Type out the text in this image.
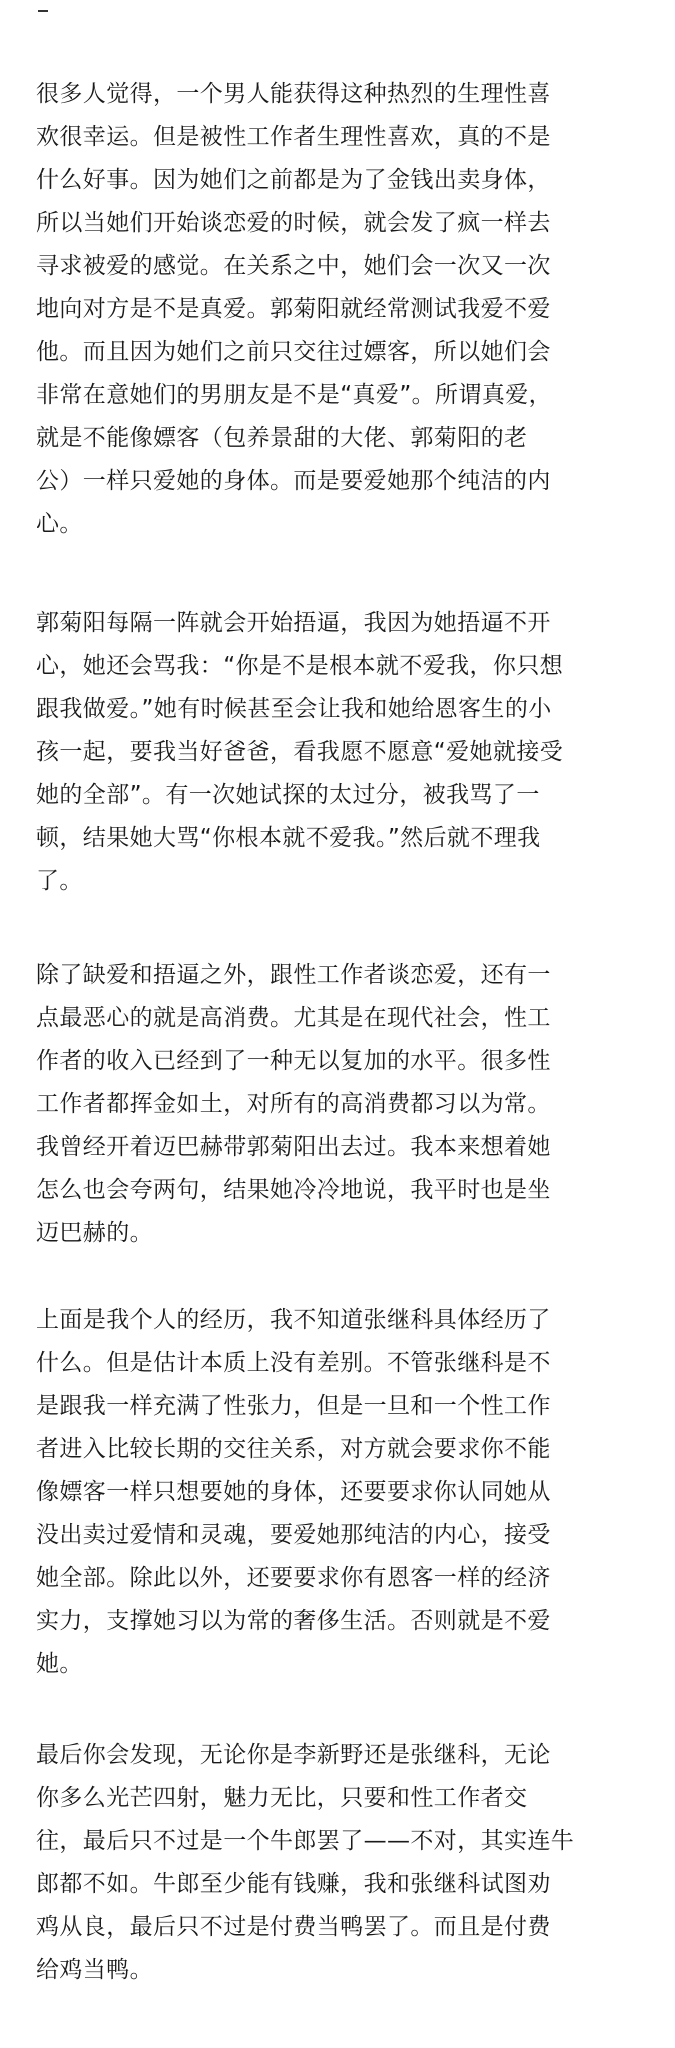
很多人觉得，一个男人能获得这种热烈的生理性喜
欢很幸运。但是被性工作者生理性喜欢，真的不是
什么好事。因为她们之前都是为了金钱出卖身体，
所以当她们开始谈恋爱的时候，就会发了疯一样去
寻求被爱的感觉。在关系之中，她们会一次又一次
地向对方是不是真爱。郭菊阳就经常测试我爱不爱
他。而且因为她们之前只交往过嫖客，所以她们会
非常在意她们的男朋友是不是“真爱”。所谓真爱，
就是不能像嫖客（包养景甜的大佬、郭菊阳的老
公）一样只爱她的身体。而是要爱她那个纯洁的内
心。

郭菊阳每隔一阵就会开始捂逼，我因为她捂逼不开
心，她还会骂我：“你是不是根本就不爱我，你只想
跟我做爱。”她有时候甚至会让我和她给恩客生的小
孩一起，要我当好爸爸，看我愿不愿意“爱她就接受
她的全部”。有一次她试探的太过分，被我骂了一
顿，结果她大骂“你根本就不爱我。”然后就不理我
了。

除了缺爱和捂逼之外，跟性工作者谈恋爱，还有一
点最恶心的就是高消费。尤其是在现代社会，性工
作者的收入已经到了一种无以复加的水平。很多性
工作者都挥金如土，对所有的高消费都习以为常。
我曾经开着迈巴赫带郭菊阳出去过。我本来想着她
怎么也会夸两句，结果她冷冷地说，我平时也是坐
迈巴赫的。

上面是我个人的经历，我不知道张继科具体经历了
什么。但是估计本质上没有差别。不管张继科是不
是跟我一样充满了性张力，但是一旦和一个性工作
者进入比较长期的交往关系，对方就会要求你不能
像嫖客一样只想要她的身体，还要要求你认同她从
没出卖过爱情和灵魂，要爱她那纯洁的内心，接受
她全部。除此以外，还要要求你有恩客一样的经济
实力，支撑她习以为常的奢侈生活。否则就是不爱
她。

最后你会发现，无论你是李新野还是张继科，无论
你多么光芒四射，魅力无比，只要和性工作者交
往，最后只不过是一个牛郎罢了——不对，其实连牛
郎都不如。牛郎至少能有钱赚，我和张继科试图劝
鸡从良，最后只不过是付费当鸭罢了。而且是付费
给鸡当鸭。
